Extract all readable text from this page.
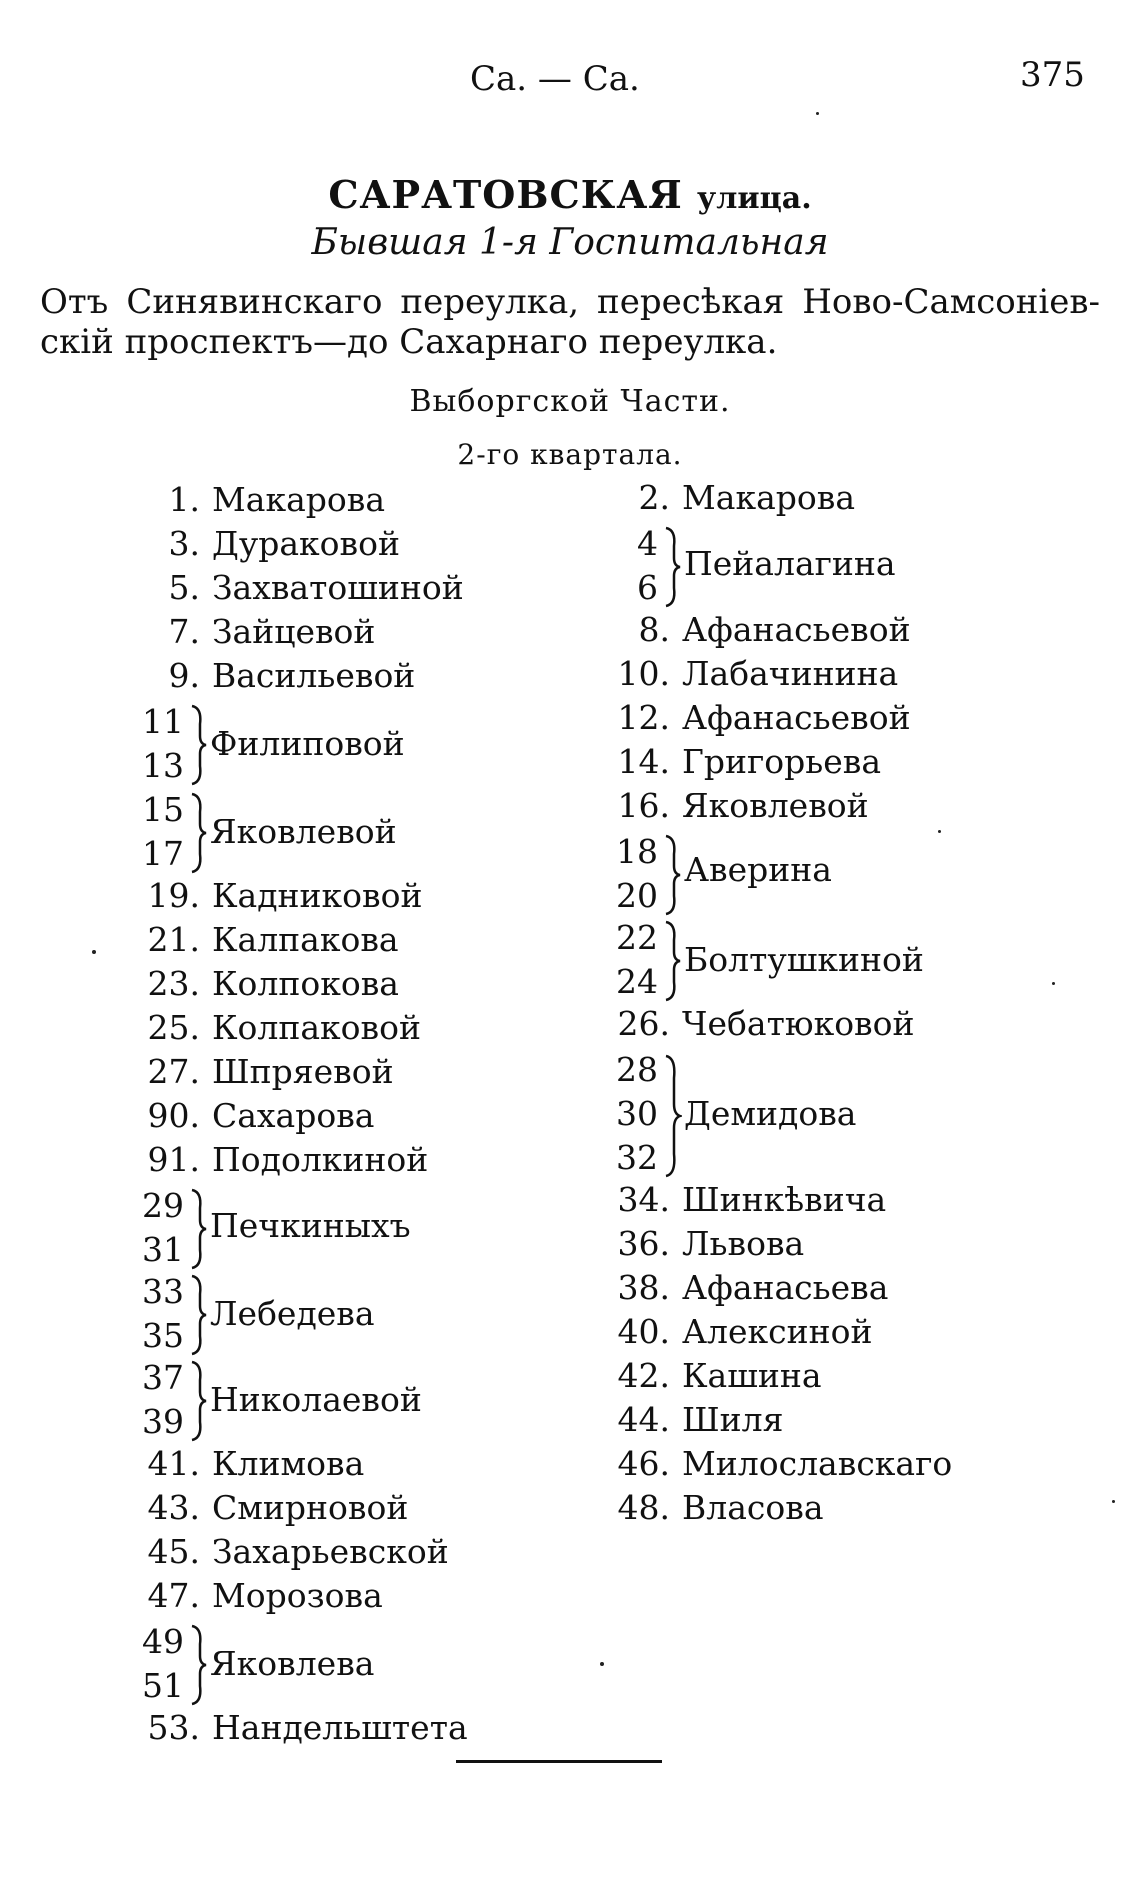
Са. — Са.	375
САРАТОВСКАЯ улица.
Бывшая 1-я Госпитальная
Отъ Синявинскаго переулка, пересѣкая Ново-Самсоніев-
скій проспектъ—до Сахарнаго переулка.
Выборгской Части.
2-го квартала.
1. Макарова
3. Дураковой
5. Захватошиной
7. Зайцевой
9. Васильевой
11
13
Филиповой
15
17
Яковлевой
19. Кадниковой
21. Калпакова
23. Колпокова
25. Колпаковой
27. Шпряевой
90. Сахарова
91. Подолкиной
29
31
Печкиныхъ
33
35
Лебедева
37
39
Николаевой
41. Климова
43. Смирновой
45. Захарьевской
47. Морозова
49
51
Яковлева
53. Нандельштета
2. Макарова
4
6
Пейалагина
8. Афанасьевой
10. Лабачинина
12. Афанасьевой
14. Григорьева
16. Яковлевой
18
20
Аверина
22
24
Болтушкиной
26. Чебатюковой
28
30
32
Демидова
34. Шинкѣвича
36. Львова
38. Афанасьева
40. Алексиной
42. Кашина
44. Шиля
46. Милославскаго
48. Власова
